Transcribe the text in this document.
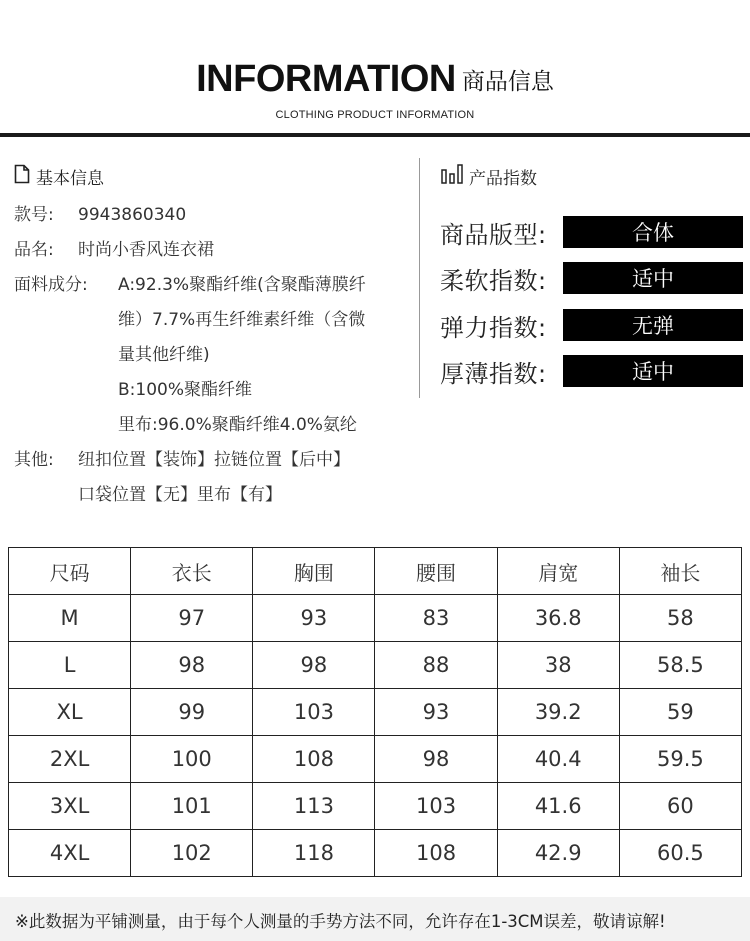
INFORMATION 商品信息
CLOTHING PRODUCT INFORMATION
基本信息
款号: 9943860340
品名: 时尚小香风连衣裙
面料成分: A:92.3%聚酯纤维(含聚酯薄膜纤
维）7.7%再生纤维素纤维（含微
量其他纤维)
B:100%聚酯纤维
里布:96.0%聚酯纤维4.0%氨纶
其他: 纽扣位置【装饰】拉链位置【后中】
口袋位置【无】里布【有】
产品指数
商品版型:	合体
柔软指数:	适中
弹力指数:	无弹
厚薄指数:	适中
尺码	衣长	胸围	腰围	肩宽	袖长
M	97	93	83	36.8	58
L	98	98	88	38	58.5
XL	99	103	93	39.2	59
2XL	100	108	98	40.4	59.5
3XL	101	113	103	41.6	60
4XL	102	118	108	42.9	60.5
※此数据为平铺测量，由于每个人测量的手势方法不同，允许存在1-3CM误差，敬请谅解!
